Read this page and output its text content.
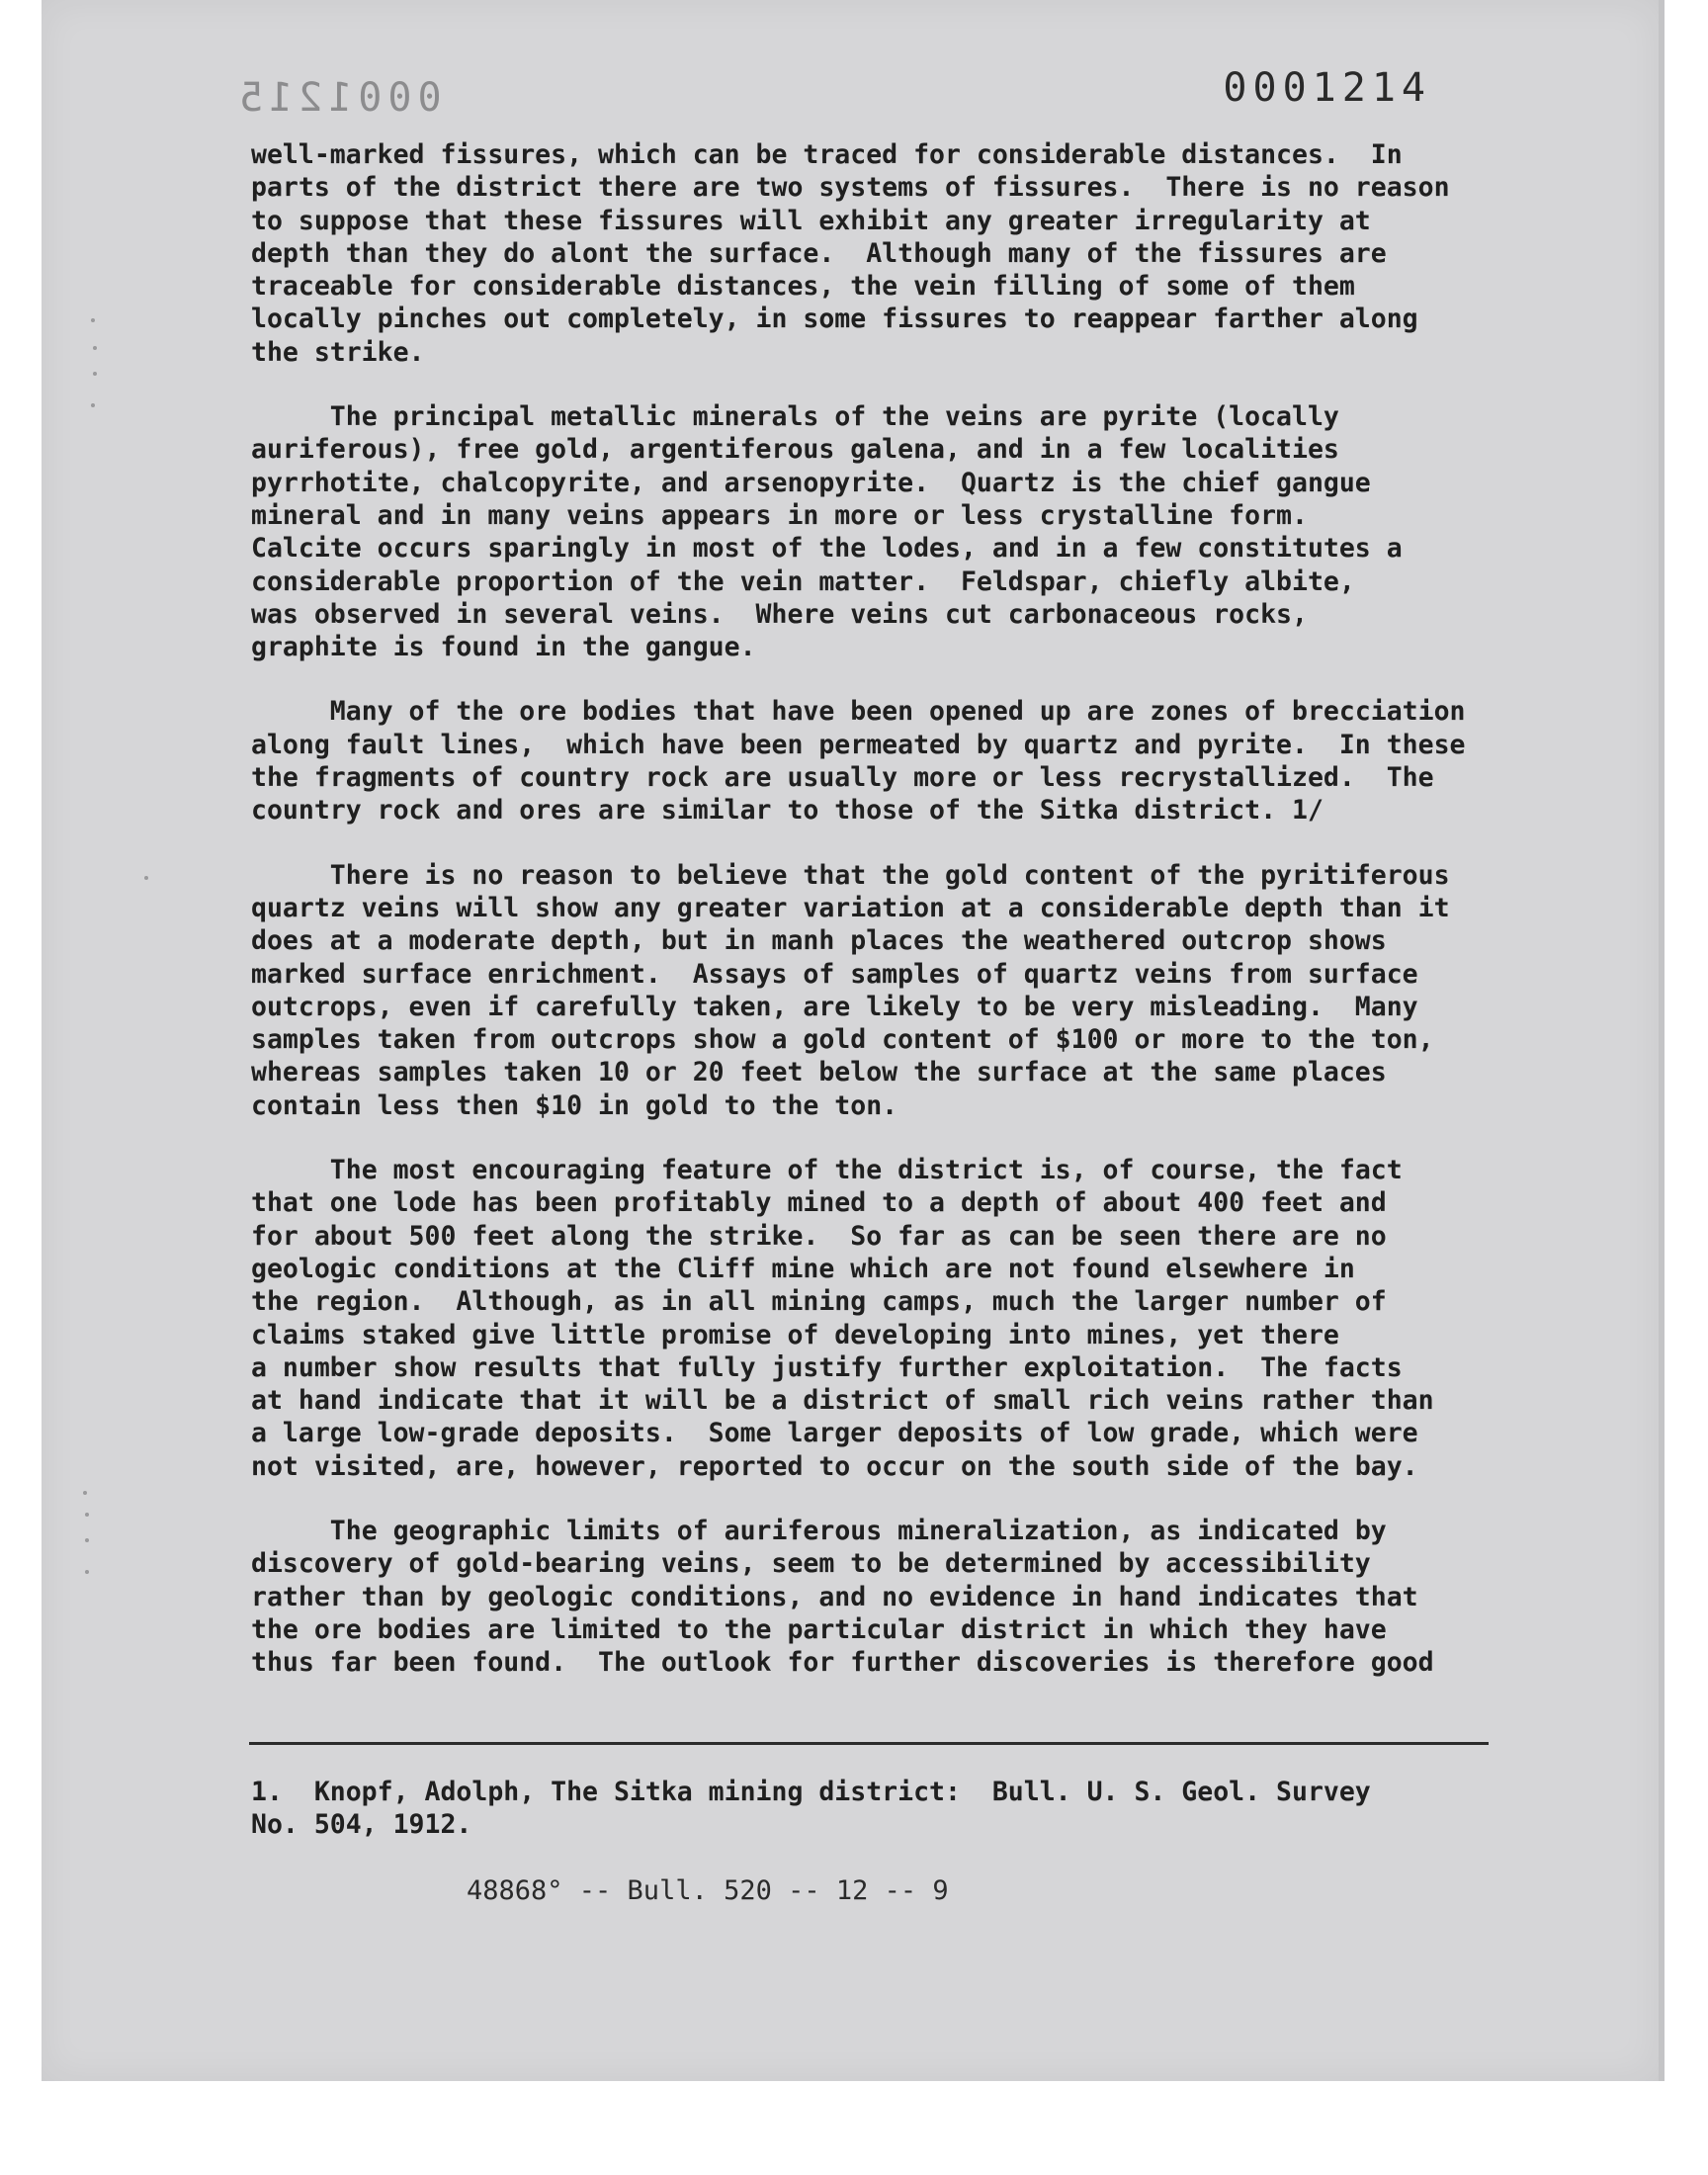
0001215	0001214

well-marked fissures, which can be traced for considerable distances.  In
parts of the district there are two systems of fissures.  There is no reason
to suppose that these fissures will exhibit any greater irregularity at
depth than they do alont the surface.  Although many of the fissures are
traceable for considerable distances, the vein filling of some of them
locally pinches out completely, in some fissures to reappear farther along
the strike.

The principal metallic minerals of the veins are pyrite (locally
auriferous), free gold, argentiferous galena, and in a few localities
pyrrhotite, chalcopyrite, and arsenopyrite.  Quartz is the chief gangue
mineral and in many veins appears in more or less crystalline form.
Calcite occurs sparingly in most of the lodes, and in a few constitutes a
considerable proportion of the vein matter.  Feldspar, chiefly albite,
was observed in several veins.  Where veins cut carbonaceous rocks,
graphite is found in the gangue.

Many of the ore bodies that have been opened up are zones of brecciation
along fault lines,  which have been permeated by quartz and pyrite.  In these
the fragments of country rock are usually more or less recrystallized.  The
country rock and ores are similar to those of the Sitka district. 1/

There is no reason to believe that the gold content of the pyritiferous
quartz veins will show any greater variation at a considerable depth than it
does at a moderate depth, but in manh places the weathered outcrop shows
marked surface enrichment.  Assays of samples of quartz veins from surface
outcrops, even if carefully taken, are likely to be very misleading.  Many
samples taken from outcrops show a gold content of $100 or more to the ton,
whereas samples taken 10 or 20 feet below the surface at the same places
contain less then $10 in gold to the ton.

The most encouraging feature of the district is, of course, the fact
that one lode has been profitably mined to a depth of about 400 feet and
for about 500 feet along the strike.  So far as can be seen there are no
geologic conditions at the Cliff mine which are not found elsewhere in
the region.  Although, as in all mining camps, much the larger number of
claims staked give little promise of developing into mines, yet there
a number show results that fully justify further exploitation.  The facts
at hand indicate that it will be a district of small rich veins rather than
a large low-grade deposits.  Some larger deposits of low grade, which were
not visited, are, however, reported to occur on the south side of the bay.

The geographic limits of auriferous mineralization, as indicated by
discovery of gold-bearing veins, seem to be determined by accessibility
rather than by geologic conditions, and no evidence in hand indicates that
the ore bodies are limited to the particular district in which they have
thus far been found.  The outlook for further discoveries is therefore good

1.  Knopf, Adolph, The Sitka mining district:  Bull. U. S. Geol. Survey
No. 504, 1912.
48868° -- Bull. 520 -- 12 -- 9
